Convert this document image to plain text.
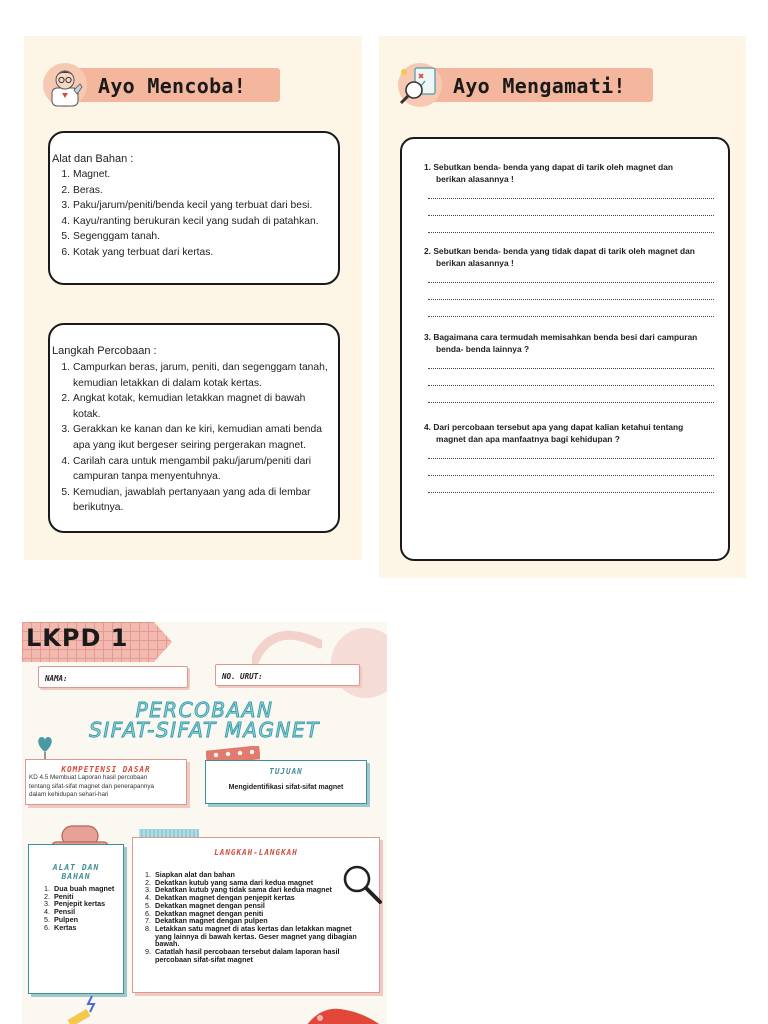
Ayo Mencoba!
Alat dan Bahan :
1. Magnet.
2. Beras.
3. Paku/jarum/peniti/benda kecil yang terbuat dari besi.
4. Kayu/ranting berukuran kecil yang sudah di patahkan.
5. Segenggam tanah.
6. Kotak yang terbuat dari kertas.
Langkah Percobaan :
1. Campurkan beras, jarum, peniti, dan segenggam tanah, kemudian letakkan di dalam kotak kertas.
2. Angkat kotak, kemudian letakkan magnet di bawah kotak.
3. Gerakkan ke kanan dan ke kiri, kemudian amati benda apa yang ikut bergeser seiring pergerakan magnet.
4. Carilah cara untuk mengambil paku/jarum/peniti dari campuran tanpa menyentuhnya.
5. Kemudian, jawablah pertanyaan yang ada di lembar berikutnya.
Ayo Mengamati!
1. Sebutkan benda- benda yang dapat di tarik oleh magnet dan
berikan alasannya !
2. Sebutkan benda- benda yang tidak dapat di tarik oleh magnet dan
berikan alasannya !
3. Bagaimana cara termudah memisahkan benda besi dari campuran
benda- benda lainnya ?
4. Dari percobaan tersebut apa yang dapat kalian ketahui tentang
magnet dan apa manfaatnya bagi kehidupan ?
LKPD 1
NAMA:	NO. URUT:
PERCOBAAN
SIFAT-SIFAT MAGNET
KOMPETENSI DASAR
KD 4.5 Membuat Laporan hasil percobaan
tentang sifat-sifat magnet dan penerapannya
dalam kehidupan sehari-hari
TUJUAN
Mengidentifikasi sifat-sifat magnet
ALAT DAN
BAHAN
1. Dua buah magnet
2. Peniti
3. Penjepit kertas
4. Pensil
5. Pulpen
6. Kertas
LANGKAH-LANGKAH
1. Siapkan alat dan bahan
2. Dekatkan kutub yang sama dari kedua magnet
3. Dekatkan kutub yang tidak sama dari kedua magnet
4. Dekatkan magnet dengan penjepit kertas
5. Dekatkan magnet dengan pensil
6. Dekatkan magnet dengan peniti
7. Dekatkan magnet dengan pulpen
8. Letakkan satu magnet di atas kertas dan letakkan magnet yang lainnya di bawah kertas. Geser magnet yang dibagian bawah.
9. Catatlah hasil percobaan tersebut dalam laporan hasil percobaan sifat-sifat magnet
